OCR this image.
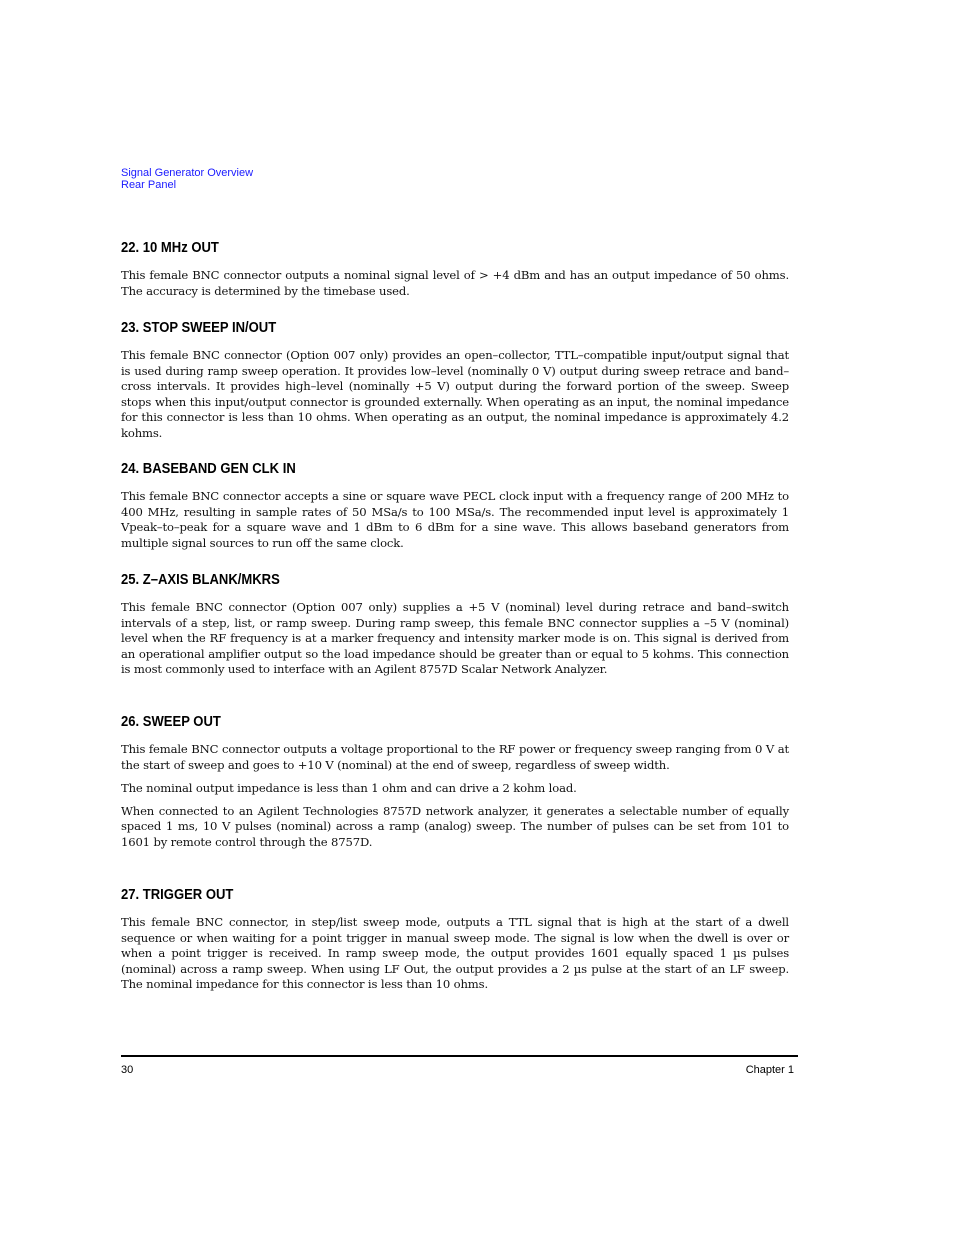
Signal Generator Overview
Rear Panel
22. 10 MHz OUT

This female BNC connector outputs a nominal signal level of > +4 dBm and has an output impedance of 50 ohms. The accuracy is determined by the timebase used.

23. STOP SWEEP IN/OUT

This female BNC connector (Option 007 only) provides an open–collector, TTL–compatible input/output signal that is used during ramp sweep operation. It provides low–level (nominally 0 V) output during sweep retrace and band–cross intervals. It provides high–level (nominally +5 V) output during the forward portion of the sweep. Sweep stops when this input/output connector is grounded externally. When operating as an input, the nominal impedance for this connector is less than 10 ohms. When operating as an output, the nominal impedance is approximately 4.2 kohms.

24. BASEBAND GEN CLK IN

This female BNC connector accepts a sine or square wave PECL clock input with a frequency range of 200 MHz to 400 MHz, resulting in sample rates of 50 MSa/s to 100 MSa/s. The recommended input level is approximately 1 Vpeak–to–peak for a square wave and 1 dBm to 6 dBm for a sine wave. This allows baseband generators from multiple signal sources to run off the same clock.

25. Z–AXIS BLANK/MKRS

This female BNC connector (Option 007 only) supplies a +5 V (nominal) level during retrace and band–switch intervals of a step, list, or ramp sweep. During ramp sweep, this female BNC connector supplies a –5 V (nominal) level when the RF frequency is at a marker frequency and intensity marker mode is on. This signal is derived from an operational amplifier output so the load impedance should be greater than or equal to 5 kohms. This connection is most commonly used to interface with an Agilent 8757D Scalar Network Analyzer.

26. SWEEP OUT

This female BNC connector outputs a voltage proportional to the RF power or frequency sweep ranging from 0 V at the start of sweep and goes to +10 V (nominal) at the end of sweep, regardless of sweep width.

The nominal output impedance is less than 1 ohm and can drive a 2 kohm load.

When connected to an Agilent Technologies 8757D network analyzer, it generates a selectable number of equally spaced 1 ms, 10 V pulses (nominal) across a ramp (analog) sweep. The number of pulses can be set from 101 to 1601 by remote control through the 8757D.

27. TRIGGER OUT

This female BNC connector, in step/list sweep mode, outputs a TTL signal that is high at the start of a dwell sequence or when waiting for a point trigger in manual sweep mode. The signal is low when the dwell is over or when a point trigger is received. In ramp sweep mode, the output provides 1601 equally spaced 1 µs pulses (nominal) across a ramp sweep. When using LF Out, the output provides a 2 µs pulse at the start of an LF sweep. The nominal impedance for this connector is less than 10 ohms.

30	Chapter 1
